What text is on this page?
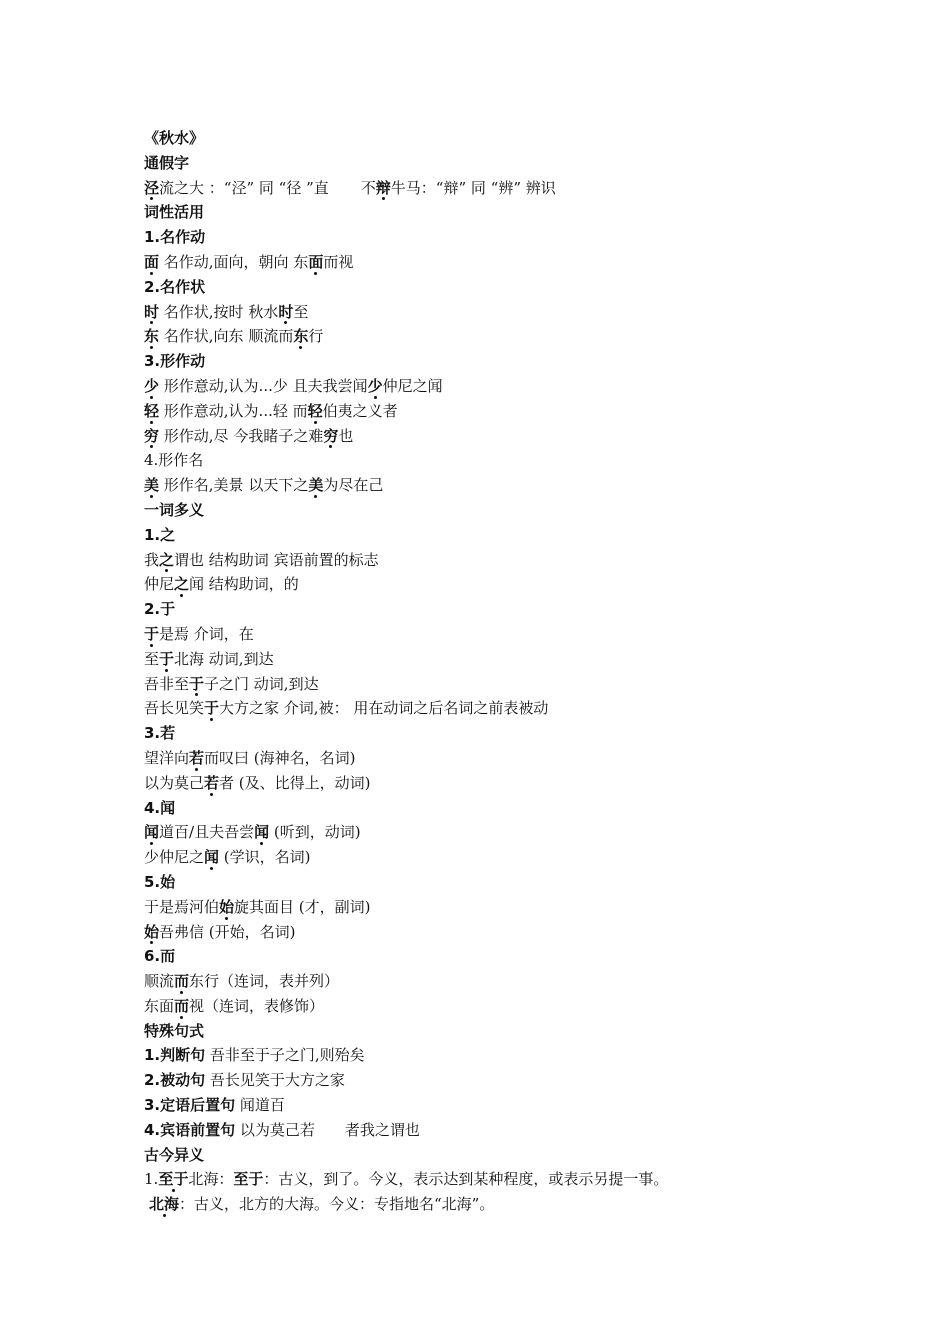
《秋水》
通假字
泾流之大 ：“泾” 同 “径 ”直 不辩牛马：“辩” 同 “辨” 辨识
词性活用
1.名作动
面 名作动,面向，朝向 东面而视
2.名作状
时 名作状,按时 秋水时至
东 名作状,向东 顺流而东行
3.形作动
少 形作意动,认为...少 且夫我尝闻少仲尼之闻
轻 形作意动,认为...轻 而轻伯夷之义者
穷 形作动,尽 今我睹子之难穷也
4.形作名
美 形作名,美景 以天下之美为尽在己
一词多义
1.之
我之谓也 结构助词 宾语前置的标志
仲尼之闻 结构助词，的
2.于
于是焉 介词，在
至于北海 动词,到达
吾非至于子之门 动词,到达
吾长见笑于大方之家 介词,被： 用在动词之后名词之前表被动
3.若
望洋向若而叹曰 (海神名，名词)
以为莫己若者 (及、比得上，动词)
4.闻
闻道百/且夫吾尝闻 (听到，动词)
少仲尼之闻 (学识，名词)
5.始
于是焉河伯始旋其面目 (才，副词)
始吾弗信 (开始，名词)
6.而
顺流而东行（连词，表并列）
东面而视（连词，表修饰）
特殊句式
1.判断句 吾非至于子之门,则殆矣
2.被动句 吾长见笑于大方之家
3.定语后置句 闻道百
4.宾语前置句 以为莫己若 者我之谓也
古今异义
1.至于北海：至于：古义，到了。今义，表示达到某种程度，或表示另提一事。
北海：古义，北方的大海。今义：专指地名“北海”。
